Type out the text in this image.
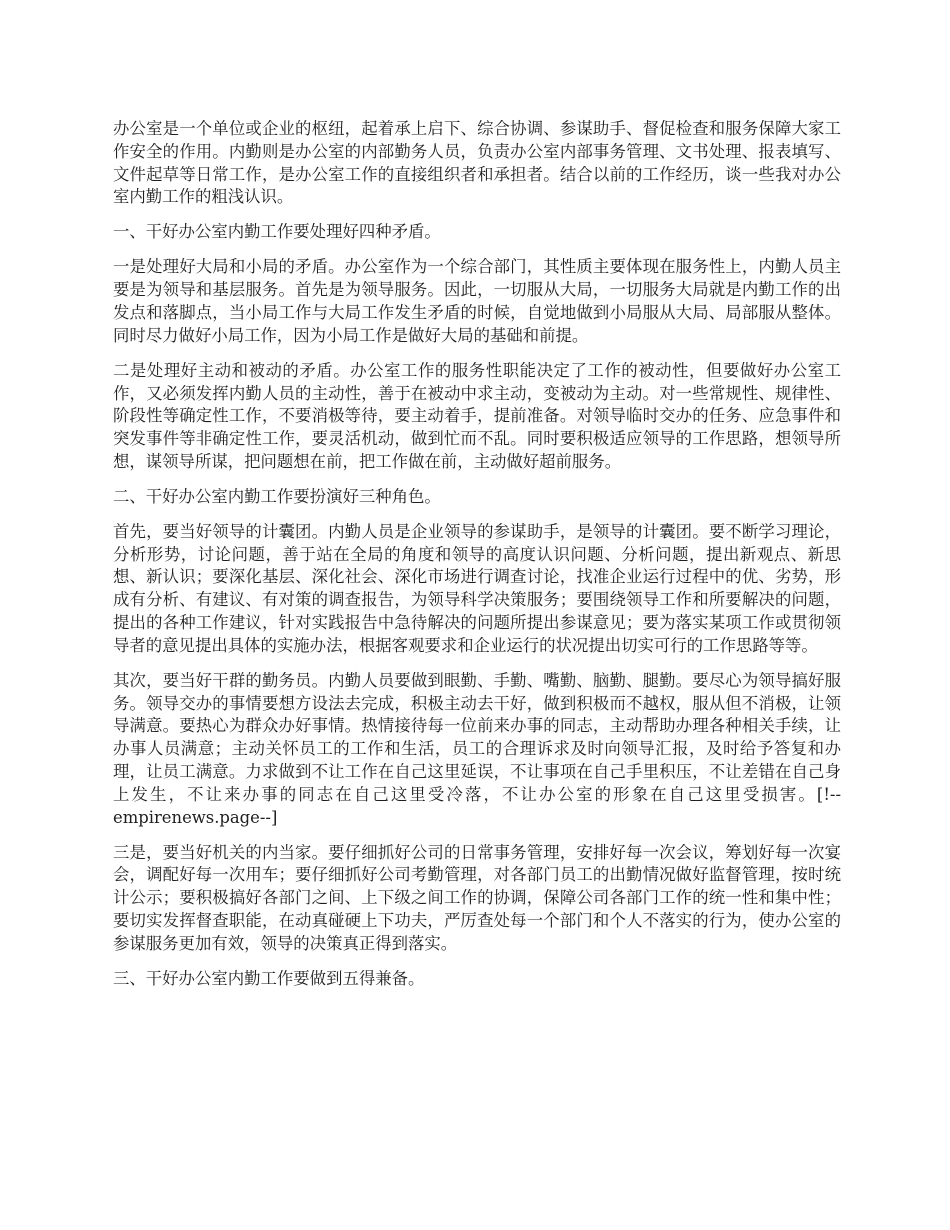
办公室是一个单位或企业的枢纽，起着承上启下、综合协调、参谋助手、督促检查和服务保障大家工作安全的作用。内勤则是办公室的内部勤务人员，负责办公室内部事务管理、文书处理、报表填写、文件起草等日常工作，是办公室工作的直接组织者和承担者。结合以前的工作经历，谈一些我对办公室内勤工作的粗浅认识。

一、干好办公室内勤工作要处理好四种矛盾。

一是处理好大局和小局的矛盾。办公室作为一个综合部门，其性质主要体现在服务性上，内勤人员主要是为领导和基层服务。首先是为领导服务。因此，一切服从大局，一切服务大局就是内勤工作的出发点和落脚点，当小局工作与大局工作发生矛盾的时候，自觉地做到小局服从大局、局部服从整体。同时尽力做好小局工作，因为小局工作是做好大局的基础和前提。

二是处理好主动和被动的矛盾。办公室工作的服务性职能决定了工作的被动性，但要做好办公室工作，又必须发挥内勤人员的主动性，善于在被动中求主动，变被动为主动。对一些常规性、规律性、阶段性等确定性工作，不要消极等待，要主动着手，提前准备。对领导临时交办的任务、应急事件和突发事件等非确定性工作，要灵活机动，做到忙而不乱。同时要积极适应领导的工作思路，想领导所想，谋领导所谋，把问题想在前，把工作做在前，主动做好超前服务。

二、干好办公室内勤工作要扮演好三种角色。

首先，要当好领导的计囊团。内勤人员是企业领导的参谋助手，是领导的计囊团。要不断学习理论，分析形势，讨论问题，善于站在全局的角度和领导的高度认识问题、分析问题，提出新观点、新思想、新认识；要深化基层、深化社会、深化市场进行调查讨论，找准企业运行过程中的优、劣势，形成有分析、有建议、有对策的调查报告，为领导科学决策服务；要围绕领导工作和所要解决的问题，提出的各种工作建议，针对实践报告中急待解决的问题所提出参谋意见；要为落实某项工作或贯彻领导者的意见提出具体的实施办法，根据客观要求和企业运行的状况提出切实可行的工作思路等等。

其次，要当好干群的勤务员。内勤人员要做到眼勤、手勤、嘴勤、脑勤、腿勤。要尽心为领导搞好服务。领导交办的事情要想方设法去完成，积极主动去干好，做到积极而不越权，服从但不消极，让领导满意。要热心为群众办好事情。热情接待每一位前来办事的同志，主动帮助办理各种相关手续，让办事人员满意；主动关怀员工的工作和生活，员工的合理诉求及时向领导汇报，及时给予答复和办理，让员工满意。力求做到不让工作在自己这里延误，不让事项在自己手里积压，不让差错在自己身上发生，不让来办事的同志在自己这里受冷落，不让办公室的形象在自己这里受损害。[!--empirenews.page--]

三是，要当好机关的内当家。要仔细抓好公司的日常事务管理，安排好每一次会议，筹划好每一次宴会，调配好每一次用车；要仔细抓好公司考勤管理，对各部门员工的出勤情况做好监督管理，按时统计公示；要积极搞好各部门之间、上下级之间工作的协调，保障公司各部门工作的统一性和集中性；要切实发挥督查职能，在动真碰硬上下功夫，严厉查处每一个部门和个人不落实的行为，使办公室的参谋服务更加有效，领导的决策真正得到落实。

三、干好办公室内勤工作要做到五得兼备。
